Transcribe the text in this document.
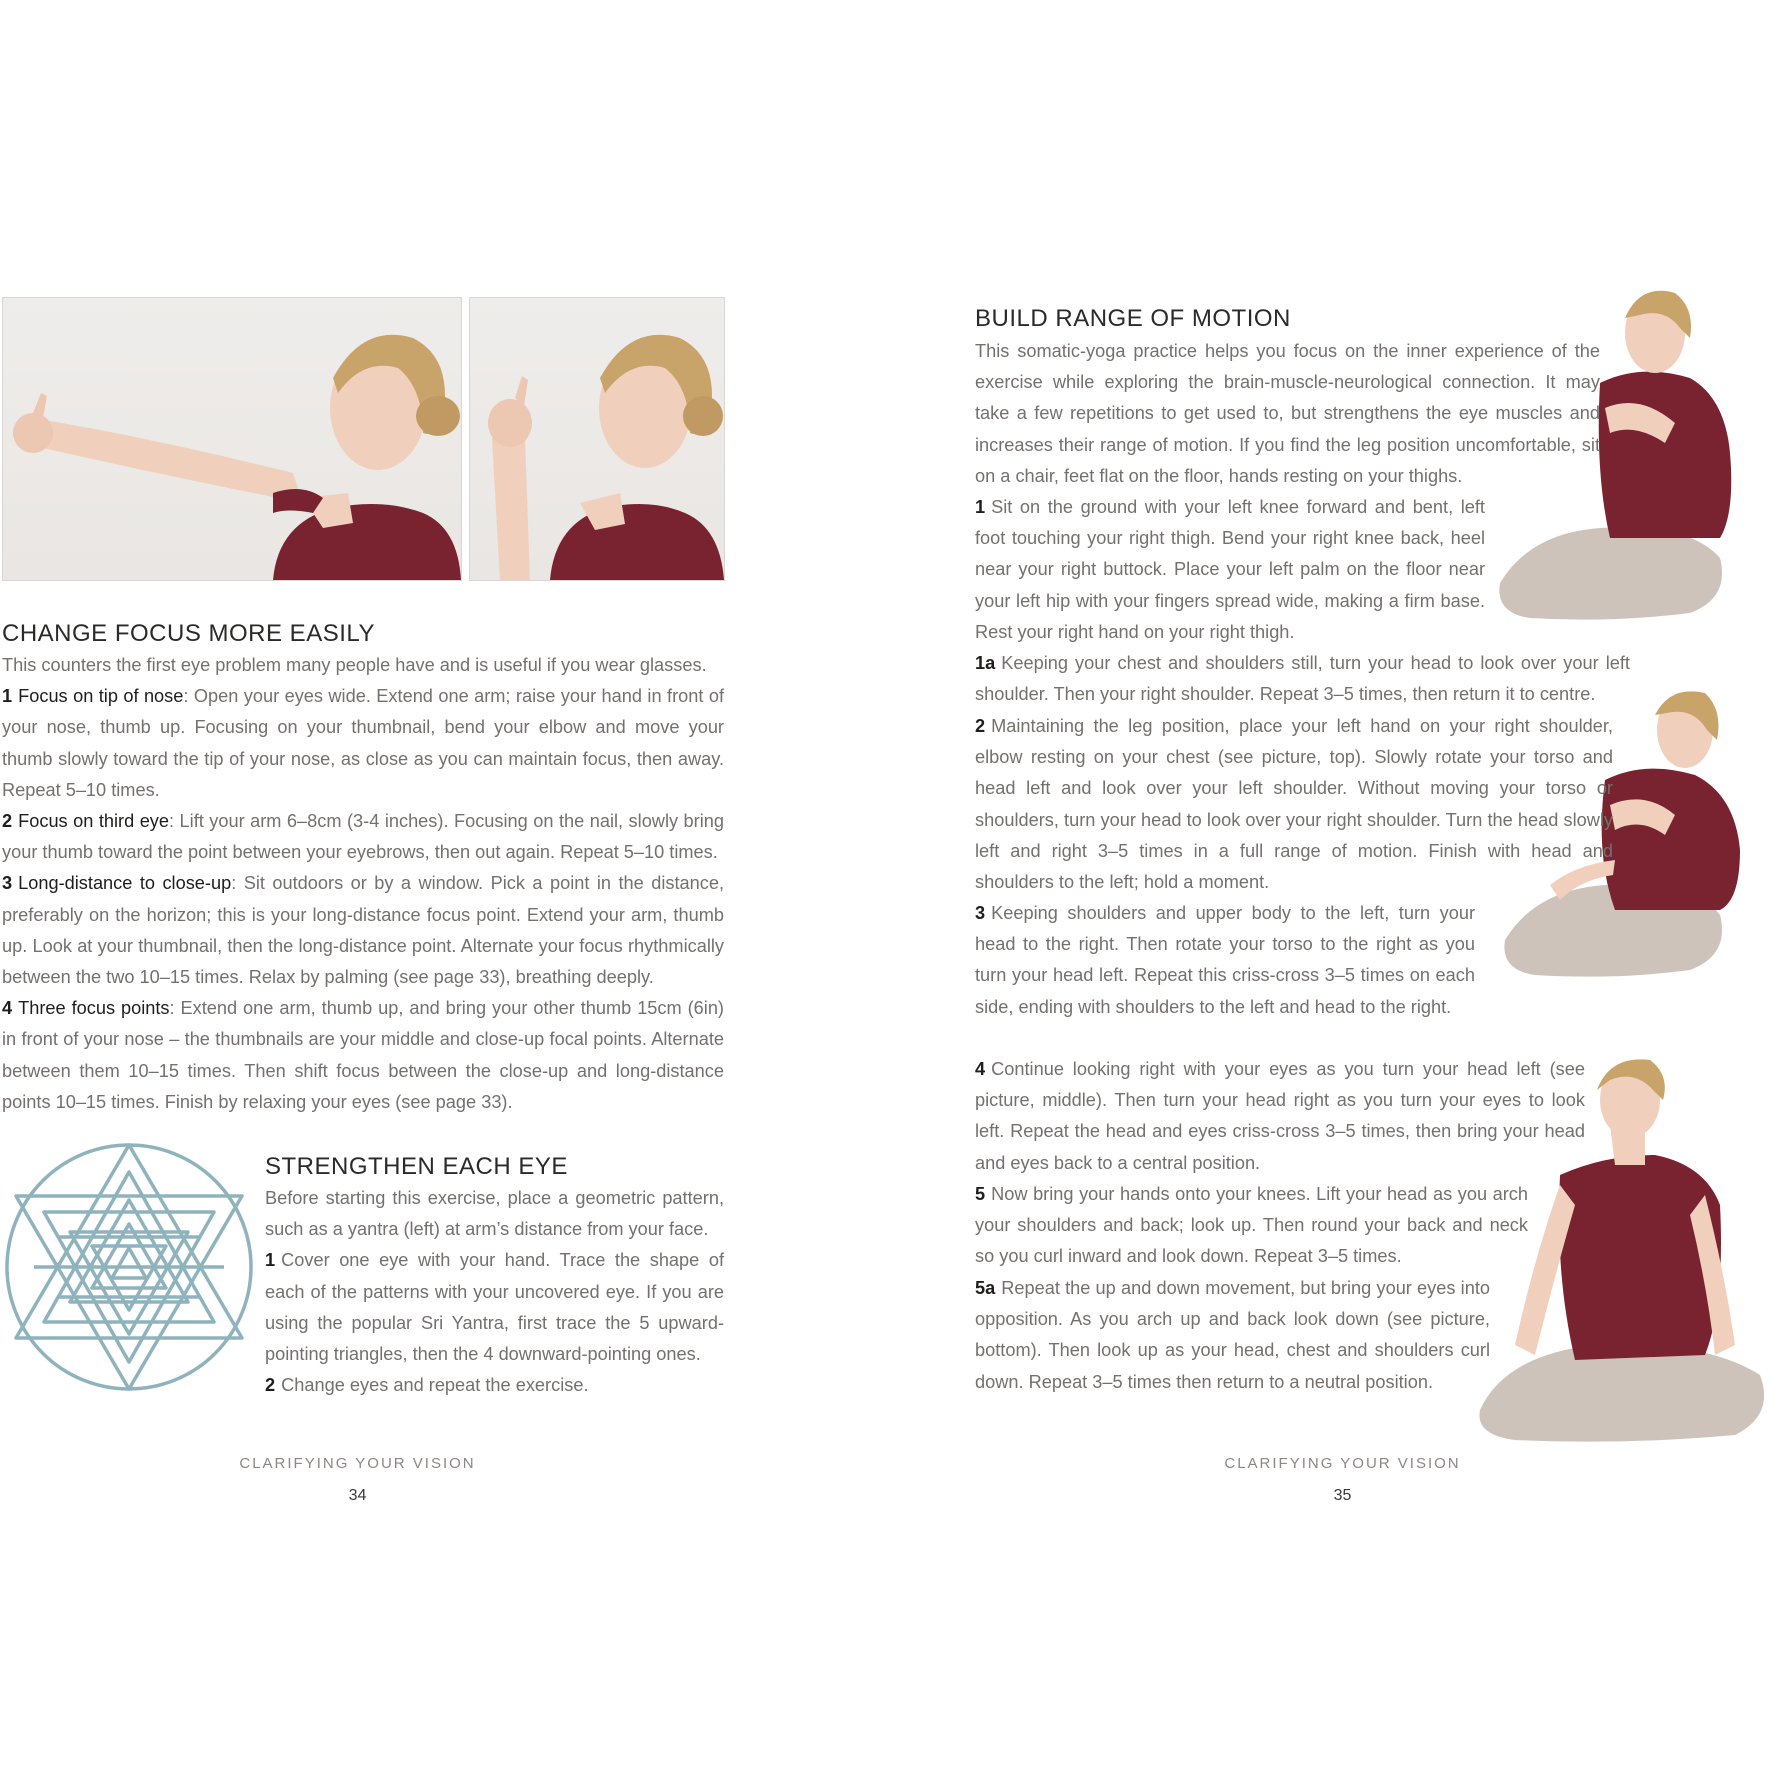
CHANGE FOCUS MORE EASILY

This counters the first eye problem many people have and is useful if you wear glasses.

1 Focus on tip of nose: Open your eyes wide. Extend one arm; raise your hand in front of your nose, thumb up. Focusing on your thumbnail, bend your elbow and move your thumb slowly toward the tip of your nose, as close as you can maintain focus, then away. Repeat 5–10 times.

2 Focus on third eye: Lift your arm 6–8cm (3-4 inches). Focusing on the nail, slowly bring your thumb toward the point between your eyebrows, then out again. Repeat 5–10 times.

3 Long-distance to close-up: Sit outdoors or by a window. Pick a point in the distance, preferably on the horizon; this is your long-distance focus point. Extend your arm, thumb up. Look at your thumbnail, then the long-distance point. Alternate your focus rhythmically between the two 10–15 times. Relax by palming (see page 33), breathing deeply.

4 Three focus points: Extend one arm, thumb up, and bring your other thumb 15cm (6in) in front of your nose – the thumbnails are your middle and close-up focal points. Alternate between them 10–15 times. Then shift focus between the close-up and long-distance points 10–15 times. Finish by relaxing your eyes (see page 33).

STRENGTHEN EACH EYE

Before starting this exercise, place a geometric pattern, such as a yantra (left) at arm’s distance from your face.

1 Cover one eye with your hand. Trace the shape of each of the patterns with your uncovered eye. If you are using the popular Sri Yantra, first trace the 5 upward-pointing triangles, then the 4 downward-pointing ones.

2 Change eyes and repeat the exercise.

CLARIFYING YOUR VISION
34
BUILD RANGE OF MOTION
This somatic-yoga practice helps you focus on the inner experience of the exercise while exploring the brain-muscle-neurological connection. It may take a few repetitions to get used to, but strengthens the eye muscles and increases their range of motion. If you find the leg position uncomfortable, sit on a chair, feet flat on the floor, hands resting on your thighs.
1 Sit on the ground with your left knee forward and bent, left foot touching your right thigh. Bend your right knee back, heel near your right buttock. Place your left palm on the floor near your left hip with your fingers spread wide, making a firm base. Rest your right hand on your right thigh.
1a Keeping your chest and shoulders still, turn your head to look over your left shoulder. Then your right shoulder. Repeat 3–5 times, then return it to centre.
2 Maintaining the leg position, place your left hand on your right shoulder, elbow resting on your chest (see picture, top). Slowly rotate your torso and head left and look over your left shoulder. Without moving your torso or shoulders, turn your head to look over your right shoulder. Turn the head slowly left and right 3–5 times in a full range of motion. Finish with head and shoulders to the left; hold a moment.
3 Keeping shoulders and upper body to the left, turn your head to the right. Then rotate your torso to the right as you turn your head left. Repeat this criss-cross 3–5 times on each side, ending with shoulders to the left and head to the right.
4 Continue looking right with your eyes as you turn your head left (see picture, middle). Then turn your head right as you turn your eyes to look left. Repeat the head and eyes criss-cross 3–5 times, then bring your head and eyes back to a central position.
5 Now bring your hands onto your knees. Lift your head as you arch your shoulders and back; look up. Then round your back and neck so you curl inward and look down. Repeat 3–5 times.
5a Repeat the up and down movement, but bring your eyes into opposition. As you arch up and back look down (see picture, bottom). Then look up as your head, chest and shoulders curl down. Repeat 3–5 times then return to a neutral position.
CLARIFYING YOUR VISION
35
